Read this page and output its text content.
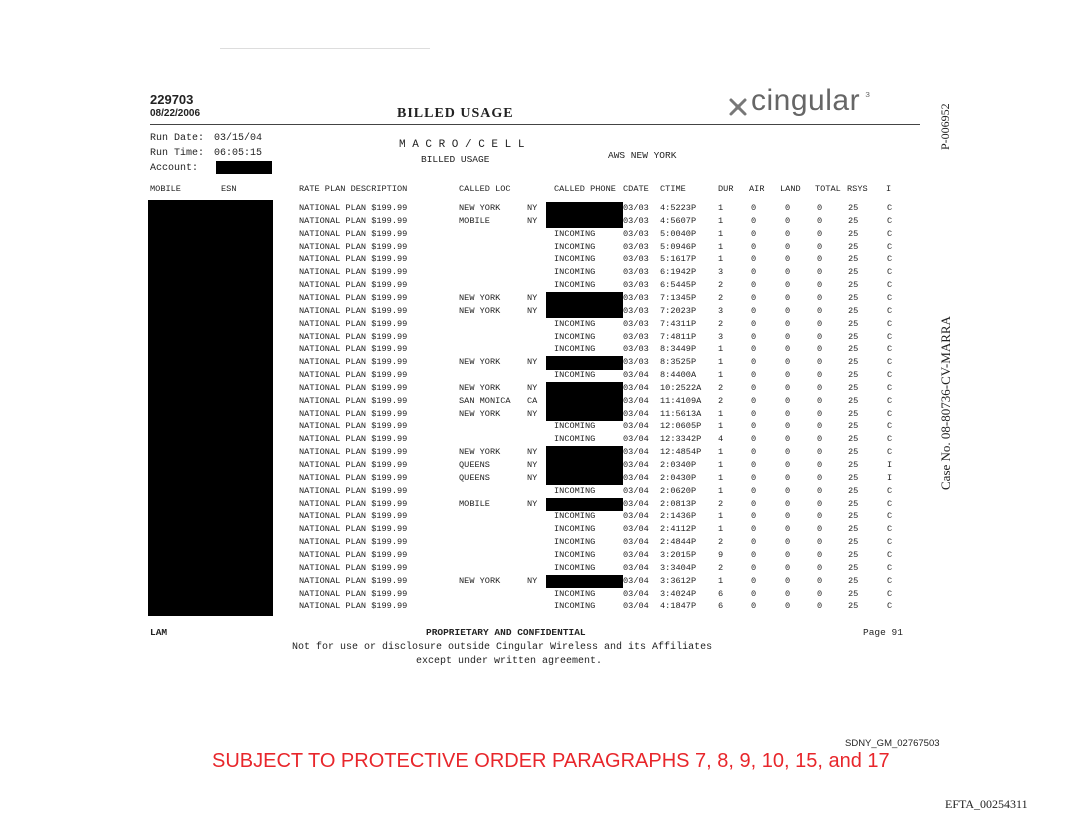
229703
08/22/2006	BILLED USAGE	cingular ₃
Run Date: 03/15/04
Run Time: 06:05:15
Account:
M A C R O / C E L L
BILLED USAGE	AWS NEW YORK
P-006952
Case No. 08-80736-CV-MARRA
MOBILE	ESN	RATE PLAN DESCRIPTION	CALLED LOC	CALLED PHONE CDATE CTIME	DUR AIR LAND TOTAL RSYS I
NATIONAL PLAN $199.99	NEW YORK	NY	03/03 4:5223P	1	0	0	0	25	C
NATIONAL PLAN $199.99	MOBILE	NY	03/03 4:5607P	1	0	0	0	25	C
NATIONAL PLAN $199.99	INCOMING	03/03 5:0040P	1	0	0	0	25	C
NATIONAL PLAN $199.99	INCOMING	03/03 5:0946P	1	0	0	0	25	C
NATIONAL PLAN $199.99	INCOMING	03/03 5:1617P	1	0	0	0	25	C
NATIONAL PLAN $199.99	INCOMING	03/03 6:1942P	3	0	0	0	25	C
NATIONAL PLAN $199.99	INCOMING	03/03 6:5445P	2	0	0	0	25	C
NATIONAL PLAN $199.99	NEW YORK	NY	03/03 7:1345P	2	0	0	0	25	C
NATIONAL PLAN $199.99	NEW YORK	NY	03/03 7:2023P	3	0	0	0	25	C
NATIONAL PLAN $199.99	INCOMING	03/03 7:4311P	2	0	0	0	25	C
NATIONAL PLAN $199.99	INCOMING	03/03 7:4811P	3	0	0	0	25	C
NATIONAL PLAN $199.99	INCOMING	03/03 8:3449P	1	0	0	0	25	C
NATIONAL PLAN $199.99	NEW YORK	NY	03/03 8:3525P	1	0	0	0	25	C
NATIONAL PLAN $199.99	INCOMING	03/04 8:4400A	1	0	0	0	25	C
NATIONAL PLAN $199.99	NEW YORK	NY	03/04 10:2522A 2	0	0	0	25	C
NATIONAL PLAN $199.99	SAN MONICA CA	03/04 11:4109A 2	0	0	0	25	C
NATIONAL PLAN $199.99	NEW YORK	NY	03/04 11:5613A 1	0	0	0	25	C
NATIONAL PLAN $199.99	INCOMING	03/04 12:0605P 1	0	0	0	25	C
NATIONAL PLAN $199.99	INCOMING	03/04 12:3342P 4	0	0	0	25	C
NATIONAL PLAN $199.99	NEW YORK	NY	03/04 12:4854P 1	0	0	0	25	C
NATIONAL PLAN $199.99	QUEENS	NY	03/04 2:0340P	1	0	0	0	25	I
NATIONAL PLAN $199.99	QUEENS	NY	03/04 2:0430P	1	0	0	0	25	I
NATIONAL PLAN $199.99	INCOMING	03/04 2:0620P	1	0	0	0	25	C
NATIONAL PLAN $199.99	MOBILE	NY	03/04 2:0813P	2	0	0	0	25	C
NATIONAL PLAN $199.99	INCOMING	03/04 2:1436P	1	0	0	0	25	C
NATIONAL PLAN $199.99	INCOMING	03/04 2:4112P	1	0	0	0	25	C
NATIONAL PLAN $199.99	INCOMING	03/04 2:4844P	2	0	0	0	25	C
NATIONAL PLAN $199.99	INCOMING	03/04 3:2015P	9	0	0	0	25	C
NATIONAL PLAN $199.99	INCOMING	03/04 3:3404P	2	0	0	0	25	C
NATIONAL PLAN $199.99	NEW YORK	NY	03/04 3:3612P	1	0	0	0	25	C
NATIONAL PLAN $199.99	INCOMING	03/04 3:4024P	6	0	0	0	25	C
NATIONAL PLAN $199.99	INCOMING	03/04 4:1847P	6	0	0	0	25	C
LAM	PROPRIETARY AND CONFIDENTIAL	Page 91
Not for use or disclosure outside Cingular Wireless and its Affiliates
except under written agreement.
SDNY_GM_02767503
SUBJECT TO PROTECTIVE ORDER PARAGRAPHS 7, 8, 9, 10, 15, and 17
EFTA_00254311
